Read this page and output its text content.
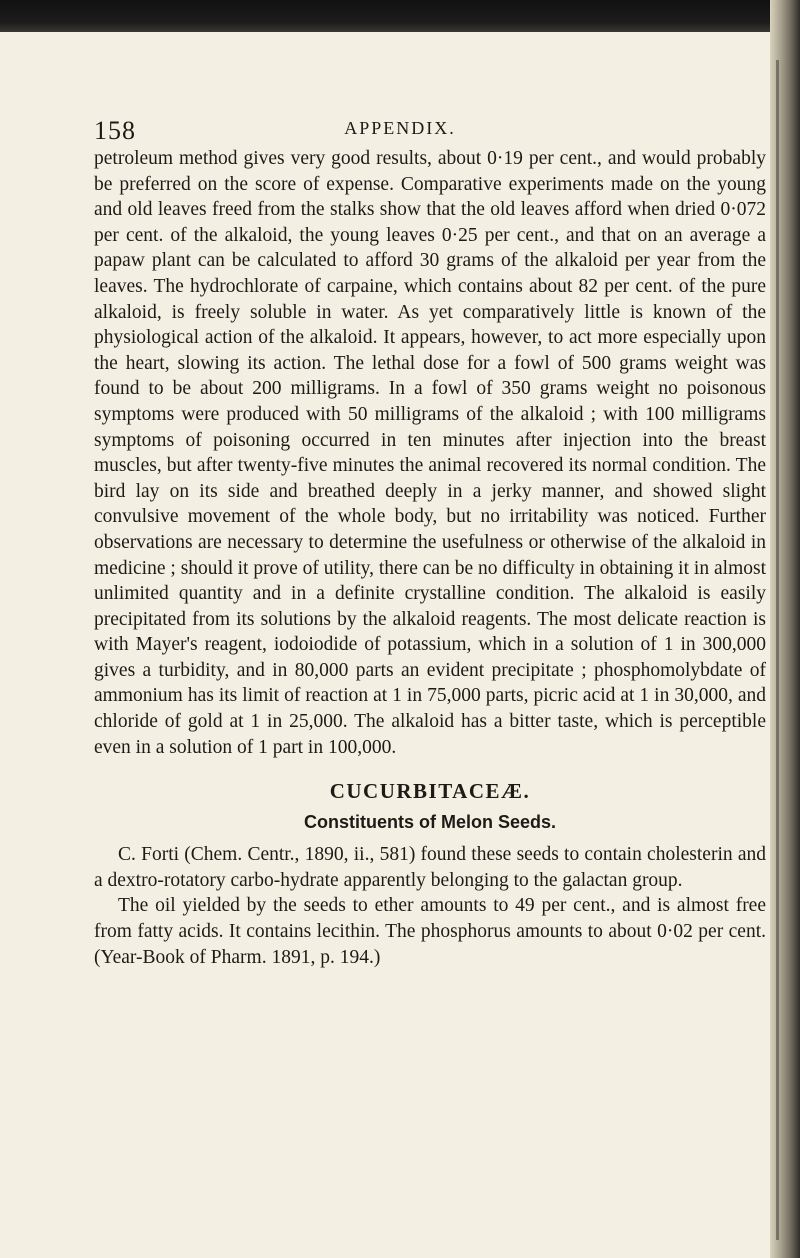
158	APPENDIX.

petroleum method gives very good results, about 0·19 per cent., and would probably be preferred on the score of expense. Comparative experiments made on the young and old leaves freed from the stalks show that the old leaves afford when dried 0·072 per cent. of the alkaloid, the young leaves 0·25 per cent., and that on an average a papaw plant can be calculated to afford 30 grams of the alkaloid per year from the leaves. The hydrochlorate of carpaine, which contains about 82 per cent. of the pure alkaloid, is freely soluble in water. As yet comparatively little is known of the physiological action of the alkaloid. It appears, however, to act more especially upon the heart, slowing its action. The lethal dose for a fowl of 500 grams weight was found to be about 200 milligrams. In a fowl of 350 grams weight no poisonous symptoms were produced with 50 milligrams of the alkaloid ; with 100 milligrams symptoms of poisoning occurred in ten minutes after injection into the breast muscles, but after twenty-five minutes the animal recovered its normal condition. The bird lay on its side and breathed deeply in a jerky manner, and showed slight convulsive movement of the whole body, but no irritability was noticed. Further observations are necessary to determine the usefulness or otherwise of the alkaloid in medicine ; should it prove of utility, there can be no difficulty in obtaining it in almost unlimited quantity and in a definite crystalline condition. The alkaloid is easily precipitated from its solutions by the alkaloid reagents. The most delicate reaction is with Mayer's reagent, iodoiodide of potassium, which in a solution of 1 in 300,000 gives a turbidity, and in 80,000 parts an evident precipitate ; phosphomolybdate of ammonium has its limit of reaction at 1 in 75,000 parts, picric acid at 1 in 30,000, and chloride of gold at 1 in 25,000. The alkaloid has a bitter taste, which is perceptible even in a solution of 1 part in 100,000.

CUCURBITACEÆ.
Constituents of Melon Seeds.

C. Forti (Chem. Centr., 1890, ii., 581) found these seeds to contain cholesterin and a dextro-rotatory carbo-hydrate apparently belonging to the galactan group.

The oil yielded by the seeds to ether amounts to 49 per cent., and is almost free from fatty acids. It contains lecithin. The phosphorus amounts to about 0·02 per cent. (Year-Book of Pharm. 1891, p. 194.)
